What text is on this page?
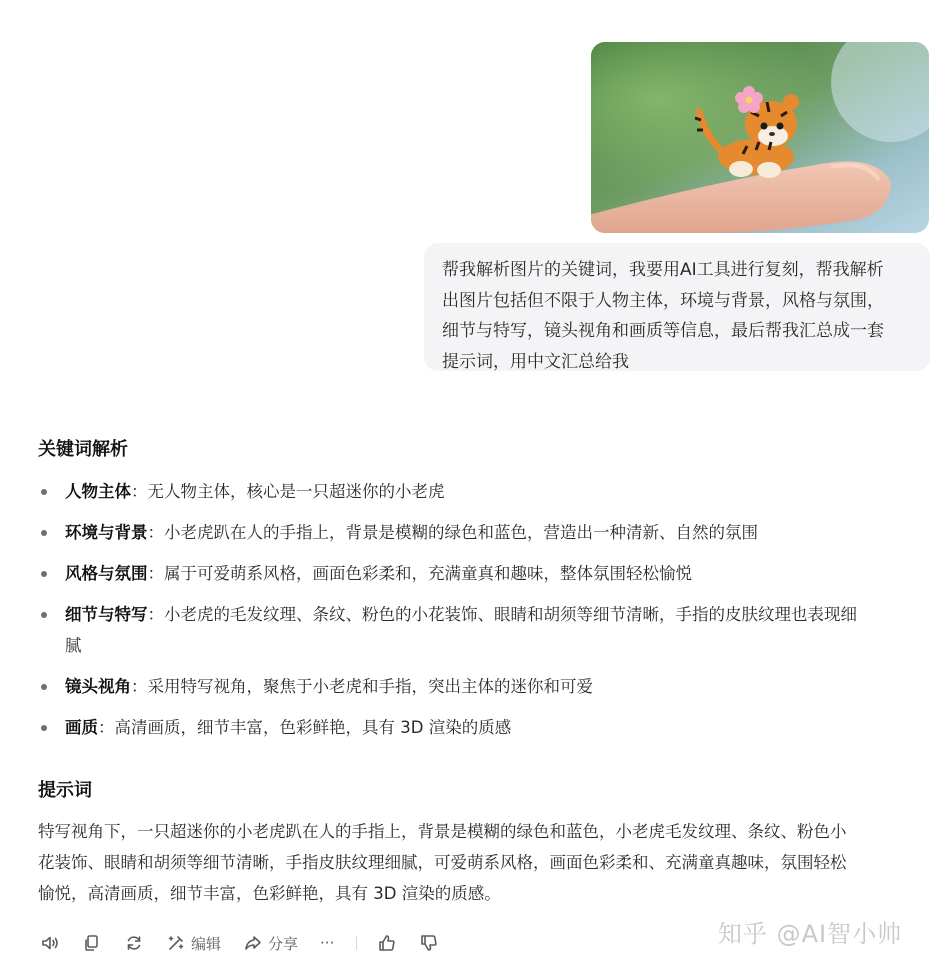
帮我解析图片的关键词，我要用AI工具进行复刻，帮我解析
出图片包括但不限于人物主体，环境与背景，风格与氛围，
细节与特写，镜头视角和画质等信息，最后帮我汇总成一套
提示词，用中文汇总给我
关键词解析
人物主体：无人物主体，核心是一只超迷你的小老虎
环境与背景：小老虎趴在人的手指上，背景是模糊的绿色和蓝色，营造出一种清新、自然的氛围
风格与氛围：属于可爱萌系风格，画面色彩柔和，充满童真和趣味，整体氛围轻松愉悦
细节与特写：小老虎的毛发纹理、条纹、粉色的小花装饰、眼睛和胡须等细节清晰，手指的皮肤纹理也表现细
腻
镜头视角：采用特写视角，聚焦于小老虎和手指，突出主体的迷你和可爱
画质：高清画质，细节丰富，色彩鲜艳，具有 3D 渲染的质感
提示词
特写视角下，一只超迷你的小老虎趴在人的手指上，背景是模糊的绿色和蓝色，小老虎毛发纹理、条纹、粉色小
花装饰、眼睛和胡须等细节清晰，手指皮肤纹理细腻，可爱萌系风格，画面色彩柔和、充满童真趣味，氛围轻松
愉悦，高清画质，细节丰富，色彩鲜艳，具有 3D 渲染的质感。
编辑	分享 ···	知乎 @AI智小帅
